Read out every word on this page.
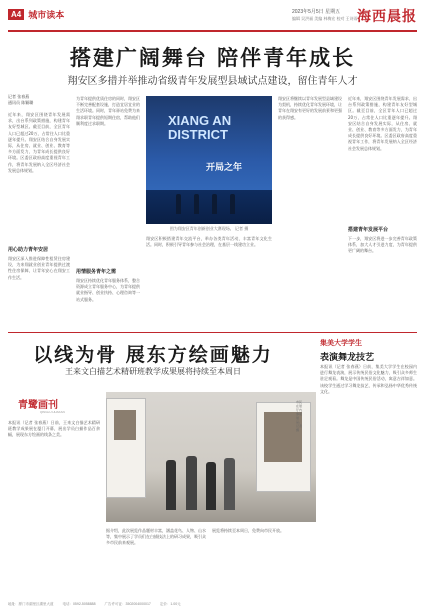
A4 城市读本	2023年5月5日 星期五
编辑 吴洪福 美编 林梅宏 校对 王诗雨 海西晨报
搭建广阔舞台 陪伴青年成长
翔安区多措并举推动省级青年发展型县域试点建设，留住青年人才
记者 张春燕
通讯员 陈颖璐
近年来，翔安区围绕青年发展需求，出台系列政策措施，构建青年友好型城区。截至目前，全区青年人口已超过20万，占常住人口比重逐年提升。翔安区结合自身发展实际，从住房、就业、创业、教育等多方面发力，为青年成长提供良好环境。区委区政府高度重视青年工作，将青年发展纳入全区经济社会发展总体规划。
用心助力青年安居
翔安区深入推进保障性租赁住房建设，为来翔就业创业青年提供过渡性住房保障，让青年安心在翔安工作生活。
为青年提供优质住房的同时，翔安区不断完善配套设施，打造宜居宜业的生活环境。同时，青年驿站免费为来翔求职青年提供短期住宿，帮助他们顺利度过求职期。
用情服务青年之需
翔安区持续优化青年服务体系，整合资源成立青年服务中心，为青年提供就业指导、创业扶持、心理咨询等一站式服务。
XIANG AN DISTRICT
开局之年
图为翔安区青年创新创业大赛现场。 记者 摄
翔安区积极搭建青年交流平台，举办各类青年活动，丰富青年文化生活。同时，积极引导青年参与社会治理，在基层一线建功立业。
翔安区将继续以青年发展型县域建设为契机，持续优化青年发展环境，让青年在翔安有更好的发展前景和更强的获得感。
搭建青年发展平台
近年来，翔安区围绕青年发展需求，出台系列政策措施，构建青年友好型城区。截至目前，全区青年人口已超过20万，占常住人口比重逐年提升。翔安区结合自身发展实际，从住房、就业、创业、教育等多方面发力，为青年成长提供良好环境。区委区政府高度重视青年工作，将青年发展纳入全区经济社会发展总体规划。
下一步，翔安区将进一步完善青年政策体系，加大人才引进力度，为青年提供更广阔的舞台。
以线为骨 展东方绘画魅力
王来文白描艺术精研班教学成果展将持续至本周日
集美大学学生
表演舞龙技艺
本报讯（记者 张春燕）日前，集美大学学生在校园内进行舞龙表演，展示传统民俗文化魅力，吸引众多师生驻足观看。舞龙是中国传统民俗活动，寓意吉祥如意。该校学生通过学习舞龙技艺，传承和弘扬中华优秀传统文化。
青鹭画刊
QINGLU HUAKAN
本报讯（记者 张春燕）日前，王来文白描艺术精研班教学成果展在厦门开幕，展出学员白描作品百余幅，展现东方绘画的线条之美。
市民在展厅内参观展品。 记者 摄
据介绍，此次展览作品题材丰富，涵盖花鸟、人物、山水等，集中展示了学员们在白描技法上的研习成果，吸引众多市民前来观展。
展览将持续至本周日，免费向市民开放。
地址：厦门市湖里区湖里大道	电话：0592-5058888	广告许可证：3502004000017	定价：1.00元
